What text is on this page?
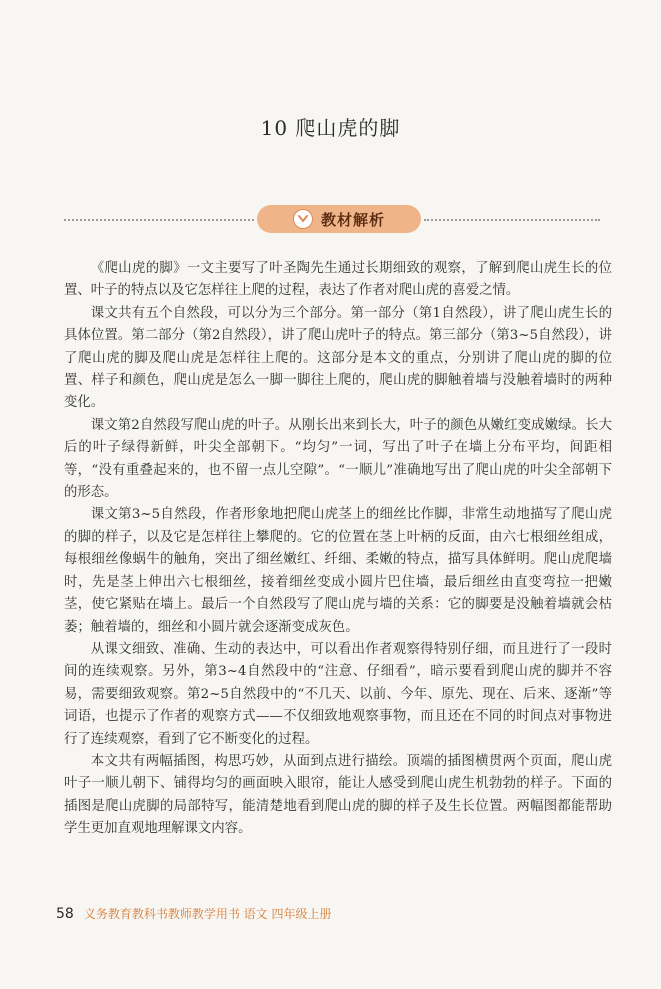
10 爬山虎的脚
教材解析

《爬山虎的脚》一文主要写了叶圣陶先生通过长期细致的观察，了解到爬山虎生长的位置、叶子的特点以及它怎样往上爬的过程，表达了作者对爬山虎的喜爱之情。

课文共有五个自然段，可以分为三个部分。第一部分（第1自然段），讲了爬山虎生长的具体位置。第二部分（第2自然段），讲了爬山虎叶子的特点。第三部分（第3~5自然段），讲了爬山虎的脚及爬山虎是怎样往上爬的。这部分是本文的重点，分别讲了爬山虎的脚的位置、样子和颜色，爬山虎是怎么一脚一脚往上爬的，爬山虎的脚触着墙与没触着墙时的两种变化。

课文第2自然段写爬山虎的叶子。从刚长出来到长大，叶子的颜色从嫩红变成嫩绿。长大后的叶子绿得新鲜，叶尖全部朝下。“均匀”一词，写出了叶子在墙上分布平均，间距相等，“没有重叠起来的，也不留一点儿空隙”。“一顺儿”准确地写出了爬山虎的叶尖全部朝下的形态。

课文第3~5自然段，作者形象地把爬山虎茎上的细丝比作脚，非常生动地描写了爬山虎的脚的样子，以及它是怎样往上攀爬的。它的位置在茎上叶柄的反面，由六七根细丝组成，每根细丝像蜗牛的触角，突出了细丝嫩红、纤细、柔嫩的特点，描写具体鲜明。爬山虎爬墙时，先是茎上伸出六七根细丝，接着细丝变成小圆片巴住墙，最后细丝由直变弯拉一把嫩茎，使它紧贴在墙上。最后一个自然段写了爬山虎与墙的关系：它的脚要是没触着墙就会枯萎；触着墙的，细丝和小圆片就会逐渐变成灰色。

从课文细致、准确、生动的表达中，可以看出作者观察得特别仔细，而且进行了一段时间的连续观察。另外，第3~4自然段中的“注意、仔细看”，暗示要看到爬山虎的脚并不容易，需要细致观察。第2~5自然段中的“不几天、以前、今年、原先、现在、后来、逐渐”等词语，也提示了作者的观察方式——不仅细致地观察事物，而且还在不同的时间点对事物进行了连续观察，看到了它不断变化的过程。

本文共有两幅插图，构思巧妙，从面到点进行描绘。顶端的插图横贯两个页面，爬山虎叶子一顺儿朝下、铺得均匀的画面映入眼帘，能让人感受到爬山虎生机勃勃的样子。下面的插图是爬山虎脚的局部特写，能清楚地看到爬山虎的脚的样子及生长位置。两幅图都能帮助学生更加直观地理解课文内容。

58 义务教育教科书教师教学用书 语文 四年级上册
